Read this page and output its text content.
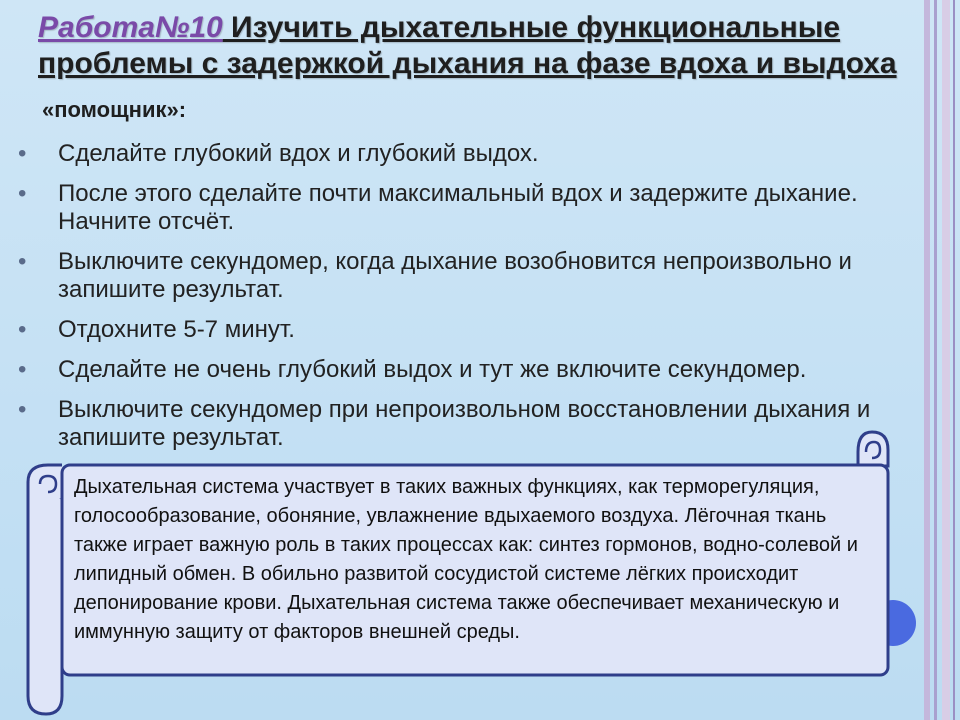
Работа№10 Изучить дыхательные функциональные проблемы с задержкой дыхания на фазе вдоха и выдоха
«помощник»:
• Сделайте глубокий вдох и глубокий выдох.
• После этого сделайте почти максимальный вдох и задержите дыхание. Начните отсчёт.
• Выключите секундомер, когда дыхание возобновится непроизвольно и запишите результат.
• Отдохните 5-7 минут.
• Сделайте не очень глубокий выдох и тут же включите секундомер.
• Выключите секундомер при непроизвольном восстановлении дыхания и запишите результат.
Дыхательная система участвует в таких важных функциях, как терморегуляция, голосообразование, обоняние, увлажнение вдыхаемого воздуха. Лёгочная ткань также играет важную роль в таких процессах как: синтез гормонов, водно-солевой и липидный обмен. В обильно развитой сосудистой системе лёгких происходит депонирование крови. Дыхательная система также обеспечивает механическую и иммунную защиту от факторов внешней среды.
